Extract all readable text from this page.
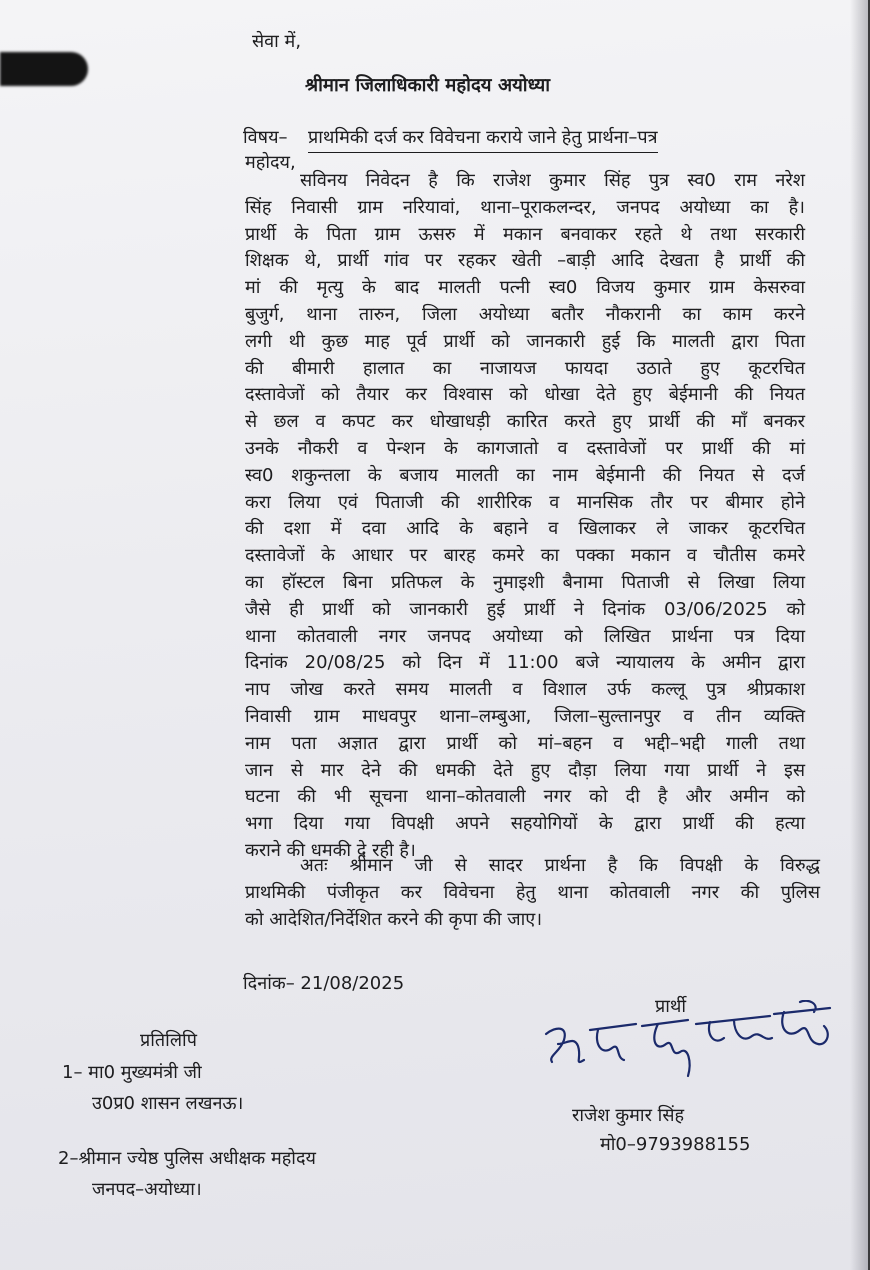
सेवा में,
श्रीमान जिलाधिकारी महोदय अयोध्या
विषय– प्राथमिकी दर्ज कर विवेचना कराये जाने हेतु प्रार्थना–पत्र
महोदय,
सविनय निवेदन है कि राजेश कुमार सिंह पुत्र स्व0 राम नरेश
सिंह निवासी ग्राम नरियावां, थाना–पूराकलन्दर, जनपद अयोध्या का है।
प्रार्थी के पिता ग्राम ऊसरु में मकान बनवाकर रहते थे तथा सरकारी
शिक्षक थे, प्रार्थी गांव पर रहकर खेती –बाड़ी आदि देखता है प्रार्थी की
मां की मृत्यु के बाद मालती पत्नी स्व0 विजय कुमार ग्राम केसरुवा
बुजुर्ग, थाना तारुन, जिला अयोध्या बतौर नौकरानी का काम करने
लगी थी कुछ माह पूर्व प्रार्थी को जानकारी हुई कि मालती द्वारा पिता
की बीमारी हालात का नाजायज फायदा उठाते हुए कूटरचित
दस्तावेजों को तैयार कर विश्वास को धोखा देते हुए बेईमानी की नियत
से छल व कपट कर धोखाधड़ी कारित करते हुए प्रार्थी की माँ बनकर
उनके नौकरी व पेन्शन के कागजातो व दस्तावेजों पर प्रार्थी की मां
स्व0 शकुन्तला के बजाय मालती का नाम बेईमानी की नियत से दर्ज
करा लिया एवं पिताजी की शारीरिक व मानसिक तौर पर बीमार होने
की दशा में दवा आदि के बहाने व खिलाकर ले जाकर कूटरचित
दस्तावेजों के आधार पर बारह कमरे का पक्का मकान व चौतीस कमरे
का हॉस्टल बिना प्रतिफल के नुमाइशी बैनामा पिताजी से लिखा लिया
जैसे ही प्रार्थी को जानकारी हुई प्रार्थी ने दिनांक 03/06/2025 को
थाना कोतवाली नगर जनपद अयोध्या को लिखित प्रार्थना पत्र दिया
दिनांक 20/08/25 को दिन में 11:00 बजे न्यायालय के अमीन द्वारा
नाप जोख करते समय मालती व विशाल उर्फ कल्लू पुत्र श्रीप्रकाश
निवासी ग्राम माधवपुर थाना–लम्बुआ, जिला–सुल्तानपुर व तीन व्यक्ति
नाम पता अज्ञात द्वारा प्रार्थी को मां–बहन व भद्दी–भद्दी गाली तथा
जान से मार देने की धमकी देते हुए दौड़ा लिया गया प्रार्थी ने इस
घटना की भी सूचना थाना–कोतवाली नगर को दी है और अमीन को
भगा दिया गया विपक्षी अपने सहयोगियों के द्वारा प्रार्थी की हत्या
कराने की धमकी दे रही है।
अतः श्रीमान जी से सादर प्रार्थना है कि विपक्षी के विरुद्ध
प्राथमिकी पंजीकृत कर विवेचना हेतु थाना कोतवाली नगर की पुलिस
को आदेशित/निर्देशित करने की कृपा की जाए।
दिनांक– 21/08/2025
प्रार्थी
राजेश कुमार सिंह
राजेश कुमार सिंह
मो0–9793988155
प्रतिलिपि
1– मा0 मुख्यमंत्री जी
उ0प्र0 शासन लखनऊ।
2–श्रीमान ज्येष्ठ पुलिस अधीक्षक महोदय
जनपद–अयोध्या।
